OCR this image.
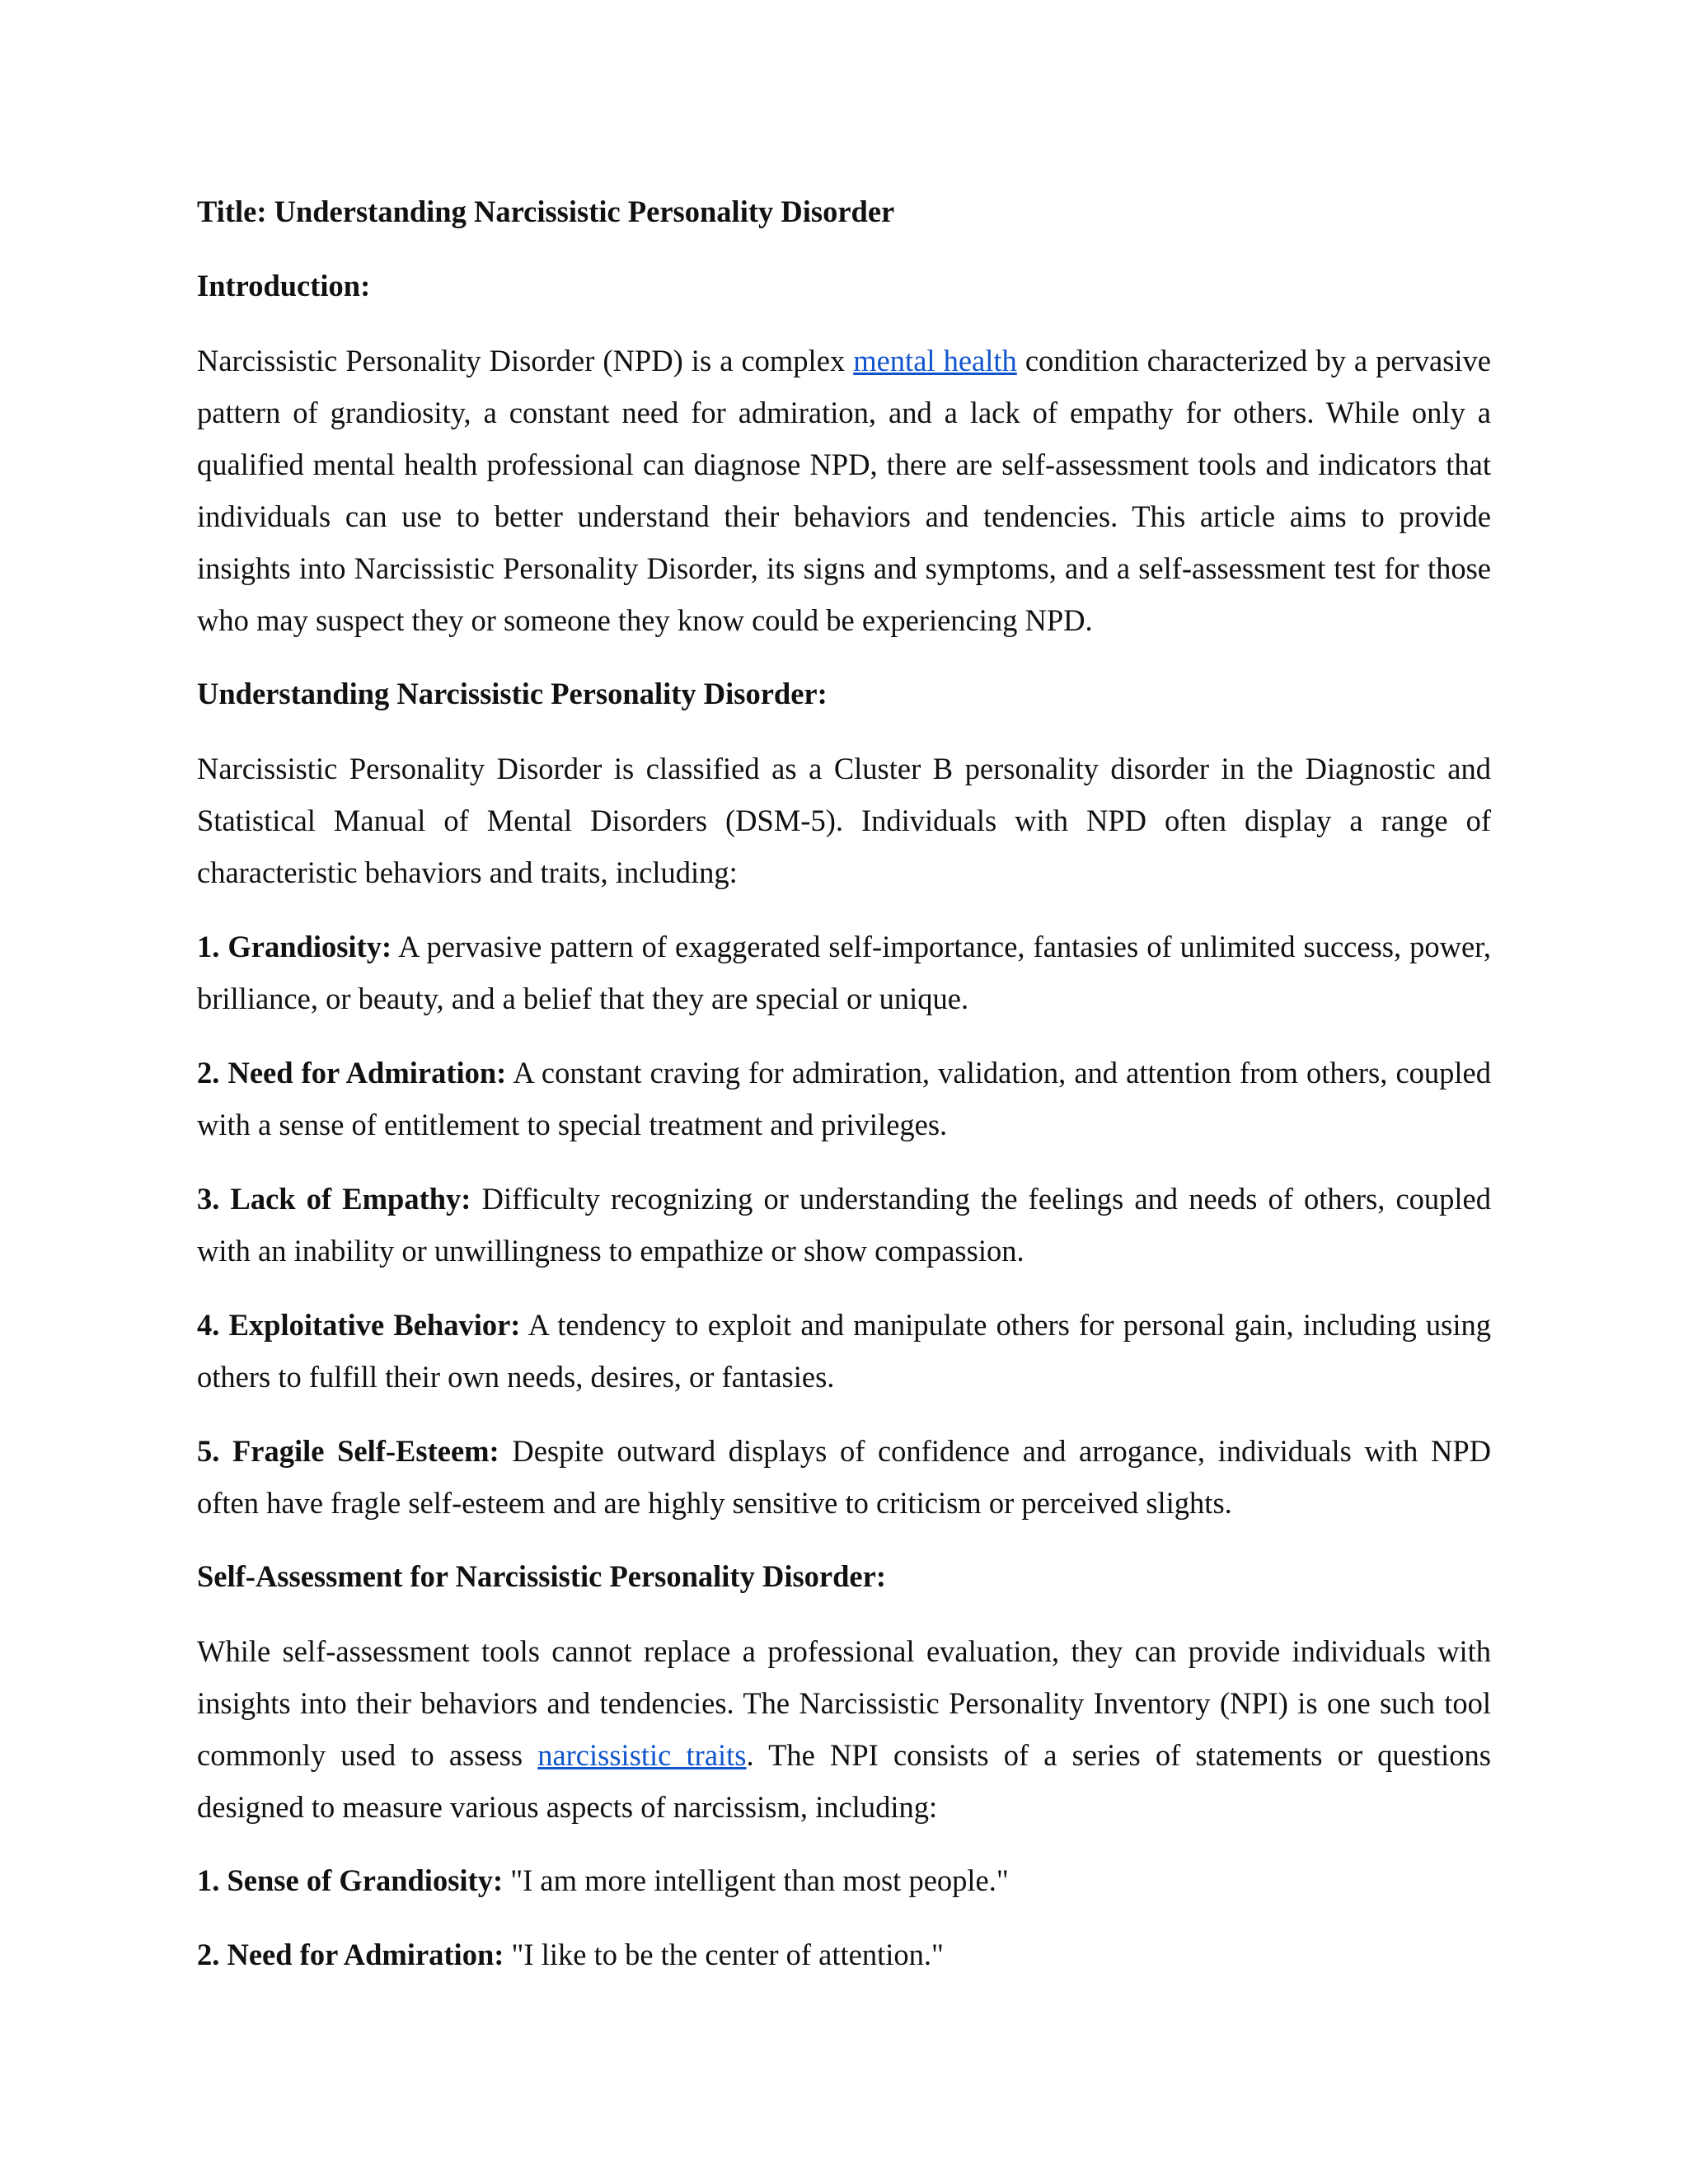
Title: Understanding Narcissistic Personality Disorder

Introduction:

Narcissistic Personality Disorder (NPD) is a complex mental health condition characterized by a pervasive pattern of grandiosity, a constant need for admiration, and a lack of empathy for others. While only a qualified mental health professional can diagnose NPD, there are self-assessment tools and indicators that individuals can use to better understand their behaviors and tendencies. This article aims to provide insights into Narcissistic Personality Disorder, its signs and symptoms, and a self-assessment test for those who may suspect they or someone they know could be experiencing NPD.

Understanding Narcissistic Personality Disorder:

Narcissistic Personality Disorder is classified as a Cluster B personality disorder in the Diagnostic and Statistical Manual of Mental Disorders (DSM-5). Individuals with NPD often display a range of characteristic behaviors and traits, including:

1. Grandiosity: A pervasive pattern of exaggerated self-importance, fantasies of unlimited success, power, brilliance, or beauty, and a belief that they are special or unique.

2. Need for Admiration: A constant craving for admiration, validation, and attention from others, coupled with a sense of entitlement to special treatment and privileges.

3. Lack of Empathy: Difficulty recognizing or understanding the feelings and needs of others, coupled with an inability or unwillingness to empathize or show compassion.

4. Exploitative Behavior: A tendency to exploit and manipulate others for personal gain, including using others to fulfill their own needs, desires, or fantasies.

5. Fragile Self-Esteem: Despite outward displays of confidence and arrogance, individuals with NPD often have fragle self-esteem and are highly sensitive to criticism or perceived slights.

Self-Assessment for Narcissistic Personality Disorder:

While self-assessment tools cannot replace a professional evaluation, they can provide individuals with insights into their behaviors and tendencies. The Narcissistic Personality Inventory (NPI) is one such tool commonly used to assess narcissistic traits. The NPI consists of a series of statements or questions designed to measure various aspects of narcissism, including:

1. Sense of Grandiosity: "I am more intelligent than most people."

2. Need for Admiration: "I like to be the center of attention."
